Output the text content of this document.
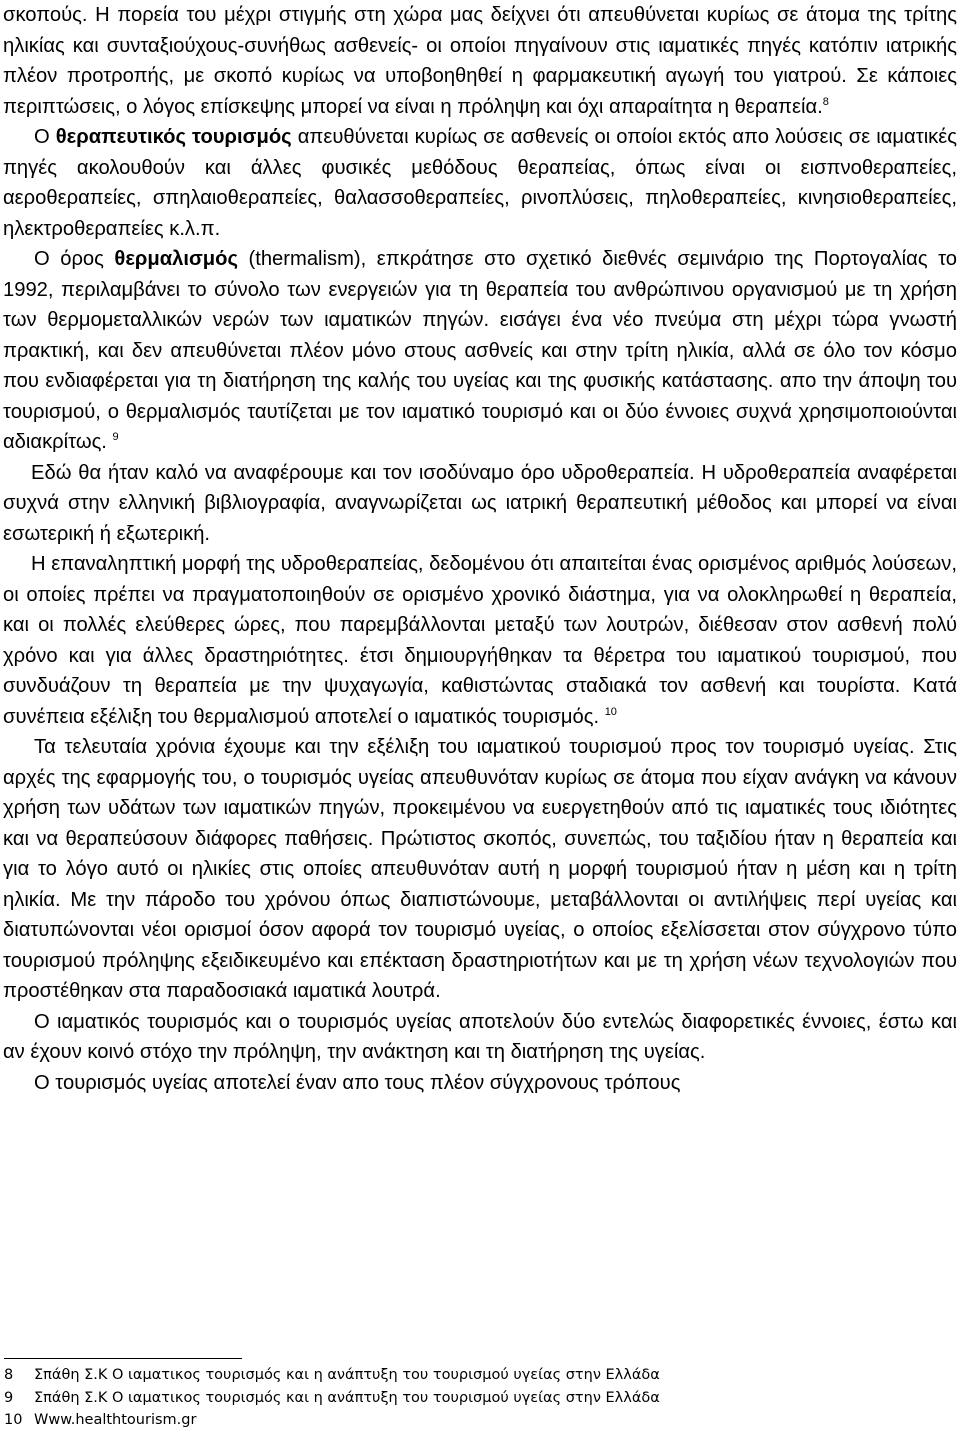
σκοπούς. Η πορεία του μέχρι στιγμής στη χώρα μας δείχνει ότι απευθύνεται κυρίως σε άτομα της τρίτης ηλικίας και συνταξιούχους-συνήθως ασθενείς- οι οποίοι πηγαίνουν στις ιαματικές πηγές κατόπιν ιατρικής πλέον προτροπής, με σκοπό κυρίως να υποβοηθηθεί η φαρμακευτική αγωγή του γιατρού. Σε κάποιες περιπτώσεις, ο λόγος επίσκεψης μπορεί να είναι η πρόληψη και όχι απαραίτητα η θεραπεία.$^8$

Ο θεραπευτικός τουρισμός απευθύνεται κυρίως σε ασθενείς οι οποίοι εκτός απο λούσεις σε ιαματικές πηγές ακολουθούν και άλλες φυσικές μεθόδους θεραπείας, όπως είναι οι εισπνοθεραπείες, αεροθεραπείες, σπηλαιοθεραπείες, θαλασσοθεραπείες, ρινοπλύσεις, πηλοθεραπείες, κινησιοθεραπείες, ηλεκτροθεραπείες κ.λ.π.

Ο όρος θερμαλισμός (thermalism), επκράτησε στο σχετικό διεθνές σεμινάριο της Πορτογαλίας το 1992, περιλαμβάνει το σύνολο των ενεργειών για τη θεραπεία του ανθρώπινου οργανισμού με τη χρήση των θερμομεταλλικών νερών των ιαματικών πηγών. εισάγει ένα νέο πνεύμα στη μέχρι τώρα γνωστή πρακτική, και δεν απευθύνεται πλέον μόνο στους ασθνείς και στην τρίτη ηλικία, αλλά σε όλο τον κόσμο που ενδιαφέρεται για τη διατήρηση της καλής του υγείας και της φυσικής κατάστασης. απο την άποψη του τουρισμού, ο θερμαλισμός ταυτίζεται με τον ιαματικό τουρισμό και οι δύο έννοιες συχνά χρησιμοποιούνται αδιακρίτως. $^9$

Εδώ θα ήταν καλό να αναφέρουμε και τον ισοδύναμο όρο υδροθεραπεία. Η υδροθεραπεία αναφέρεται συχνά στην ελληνική βιβλιογραφία, αναγνωρίζεται ως ιατρική θεραπευτική μέθοδος και μπορεί να είναι εσωτερική ή εξωτερική.

Η επαναληπτική μορφή της υδροθεραπείας, δεδομένου ότι απαιτείται ένας ορισμένος αριθμός λούσεων, οι οποίες πρέπει να πραγματοποιηθούν σε ορισμένο χρονικό διάστημα, για να ολοκληρωθεί η θεραπεία, και οι πολλές ελεύθερες ώρες, που παρεμβάλλονται μεταξύ των λουτρών, διέθεσαν στον ασθενή πολύ χρόνο και για άλλες δραστηριότητες. έτσι δημιουργήθηκαν τα θέρετρα του ιαματικού τουρισμού, που συνδυάζουν τη θεραπεία με την ψυχαγωγία, καθιστώντας σταδιακά τον ασθενή και τουρίστα. Κατά συνέπεια εξέλιξη του θερμαλισμού αποτελεί ο ιαματικός τουρισμός. $^{10}$

Τα τελευταία χρόνια έχουμε και την εξέλιξη του ιαματικού τουρισμού προς τον τουρισμό υγείας. Στις αρχές της εφαρμογής του, ο τουρισμός υγείας απευθυνόταν κυρίως σε άτομα που είχαν ανάγκη να κάνουν χρήση των υδάτων των ιαματικών πηγών, προκειμένου να ευεργετηθούν από τις ιαματικές τους ιδιότητες και να θεραπεύσουν διάφορες παθήσεις. Πρώτιστος σκοπός, συνεπώς, του ταξιδίου ήταν η θεραπεία και για το λόγο αυτό οι ηλικίες στις οποίες απευθυνόταν αυτή η μορφή τουρισμού ήταν η μέση και η τρίτη ηλικία. Με την πάροδο του χρόνου όπως διαπιστώνουμε, μεταβάλλονται οι αντιλήψεις περί υγείας και διατυπώνονται νέοι ορισμοί όσον αφορά τον τουρισμό υγείας, ο οποίος εξελίσσεται στον σύγχρονο τύπο τουρισμού πρόληψης εξειδικευμένο και επέκταση δραστηριοτήτων και με τη χρήση νέων τεχνολογιών που προστέθηκαν στα παραδοσιακά ιαματικά λουτρά.

Ο ιαματικός τουρισμός και ο τουρισμός υγείας αποτελούν δύο εντελώς διαφορετικές έννοιες, έστω και αν έχουν κοινό στόχο την πρόληψη, την ανάκτηση και τη διατήρηση της υγείας.

Ο τουρισμός υγείας αποτελεί έναν απο τους πλέον σύγχρονους τρόπους

8 Σπάθη Σ.Κ Ο ιαματικος τουρισμός και η ανάπτυξη του τουρισμού υγείας στην Ελλάδα
9 Σπάθη Σ.Κ Ο ιαματικος τουρισμός και η ανάπτυξη του τουρισμού υγείας στην Ελλάδα
10 Www.healthtourism.gr
